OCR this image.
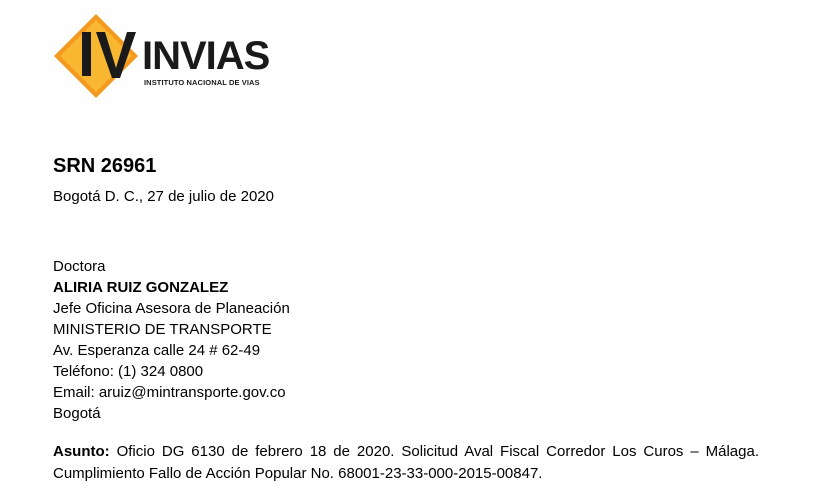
INVIAS
INSTITUTO NACIONAL DE VIAS
SRN 26961
Bogotá D. C., 27 de julio de 2020
Doctora
ALIRIA RUIZ GONZALEZ
Jefe Oficina Asesora de Planeación
MINISTERIO DE TRANSPORTE
Av. Esperanza calle 24 # 62-49
Teléfono: (1) 324 0800
Email: aruiz@mintransporte.gov.co
Bogotá
Asunto: Oficio DG 6130 de febrero 18 de 2020. Solicitud Aval Fiscal Corredor Los Curos – Málaga.
Cumplimiento Fallo de Acción Popular No. 68001-23-33-000-2015-00847.
